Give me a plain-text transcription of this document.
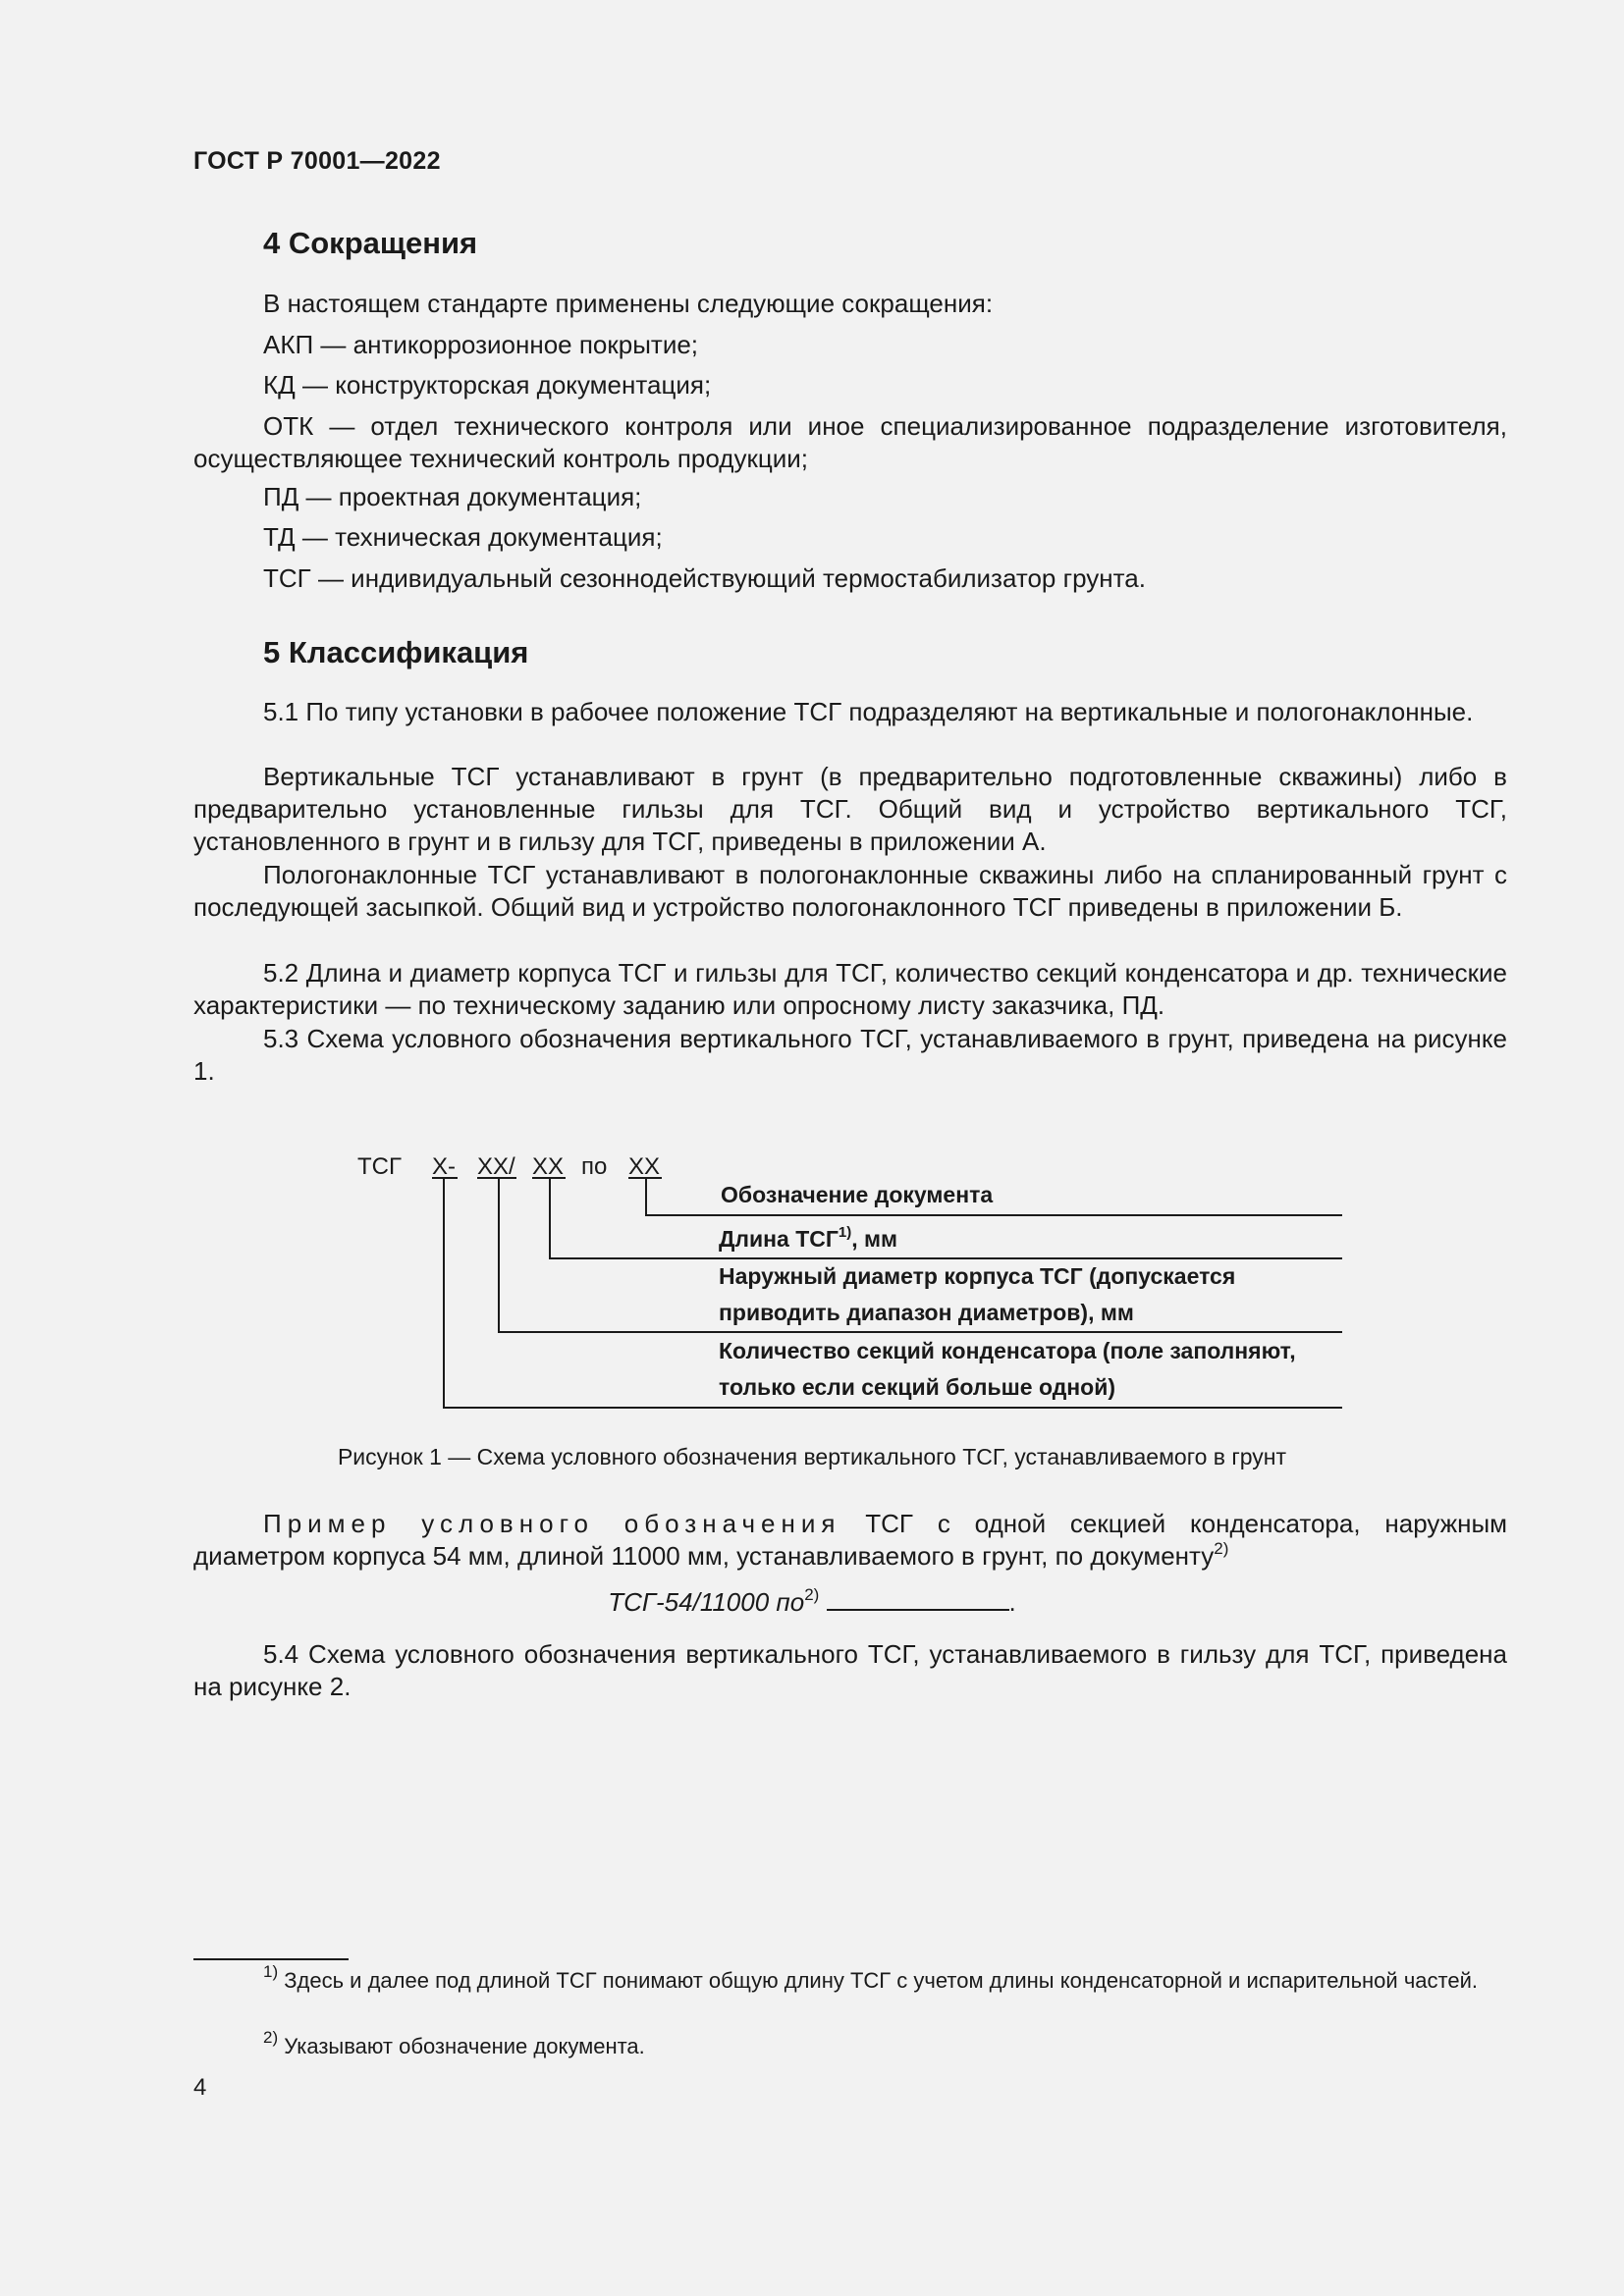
ГОСТ Р 70001—2022
4 Сокращения
В настоящем стандарте применены следующие сокращения:
АКП — антикоррозионное покрытие;
КД — конструкторская документация;
ОТК — отдел технического контроля или иное специализированное подразделение изготовителя, осуществляющее технический контроль продукции;
ПД — проектная документация;
ТД — техническая документация;
ТСГ — индивидуальный сезоннодействующий термостабилизатор грунта.
5 Классификация
5.1 По типу установки в рабочее положение ТСГ подразделяют на вертикальные и пологонаклонные.
Вертикальные ТСГ устанавливают в грунт (в предварительно подготовленные скважины) либо в предварительно установленные гильзы для ТСГ. Общий вид и устройство вертикального ТСГ, установленного в грунт и в гильзу для ТСГ, приведены в приложении А.
Пологонаклонные ТСГ устанавливают в пологонаклонные скважины либо на спланированный грунт с последующей засыпкой. Общий вид и устройство пологонаклонного ТСГ приведены в приложении Б.
5.2 Длина и диаметр корпуса ТСГ и гильзы для ТСГ, количество секций конденсатора и др. технические характеристики — по техническому заданию или опросному листу заказчика, ПД.
5.3 Схема условного обозначения вертикального ТСГ, устанавливаемого в грунт, приведена на рисунке 1.
ТСГ Х- ХХ/ ХХ по ХХ
Обозначение документа
Длина ТСГ$^{1)}$, мм
Наружный диаметр корпуса ТСГ (допускается
приводить диапазон диаметров), мм
Количество секций конденсатора (поле заполняют,
только если секций больше одной)
Рисунок 1 — Схема условного обозначения вертикального ТСГ, устанавливаемого в грунт
Пример условного обозначения ТСГ с одной секцией конденсатора, наружным диаметром корпуса 54 мм, длиной 11000 мм, устанавливаемого в грунт, по документу$^{2)}$
ТСГ-54/11000 $по^{2)}$	.
5.4 Схема условного обозначения вертикального ТСГ, устанавливаемого в гильзу для ТСГ, приведена на рисунке 2.
$^{1)}$ Здесь и далее под длиной ТСГ понимают общую длину ТСГ с учетом длины конденсаторной и испарительной частей.
$^{2)}$ Указывают обозначение документа.
4
